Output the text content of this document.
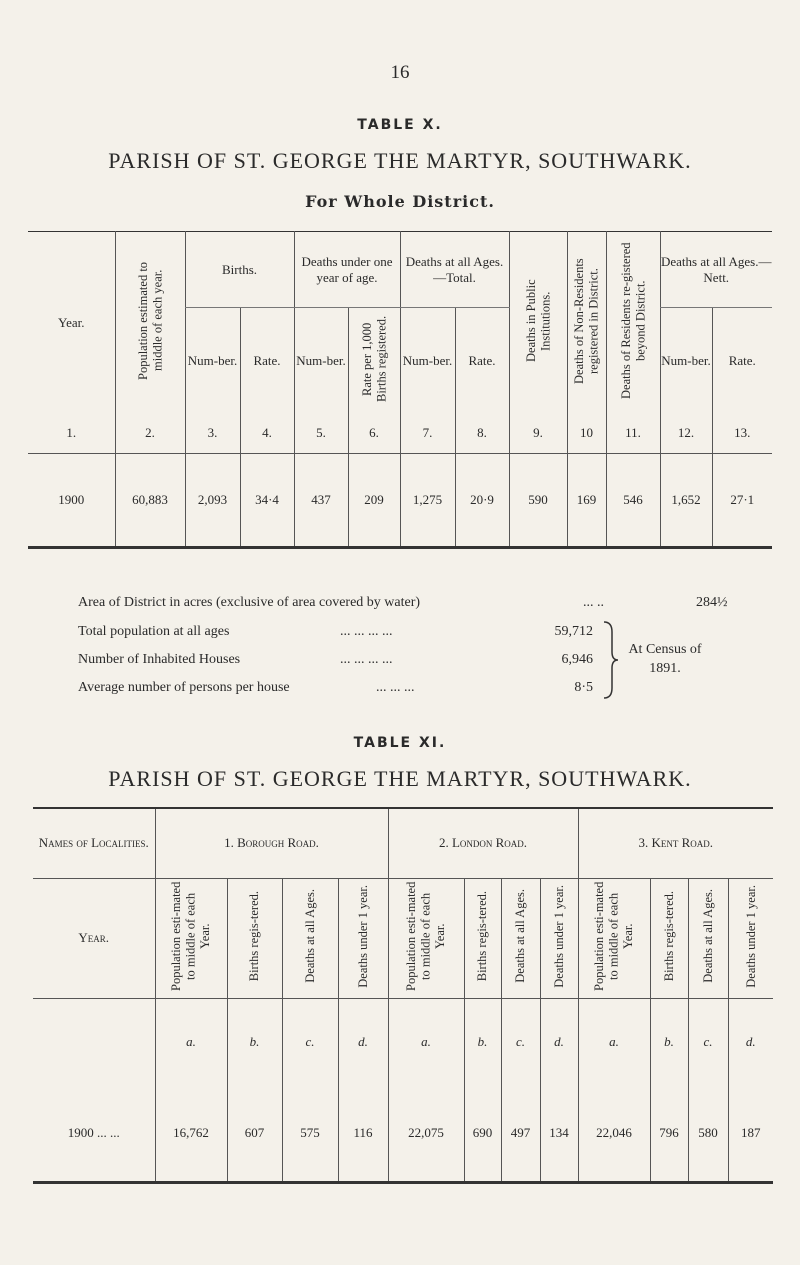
16
TABLE X.
PARISH OF ST. GEORGE THE MARTYR, SOUTHWARK.
For Whole District.
Year.	Population estimated to middle of each year.	Births.		Deaths under one year of age.		Deaths at all Ages.—Total.		Deaths in Public Institutions.	Deaths of Non-Residents registered in District.	Deaths of Residents re-gistered beyond District.	Deaths at all Ages.—Nett.	
		Num-ber.	Rate.	Num-ber.	Rate per 1,000 Births registered.	Num-ber.	Rate.				Num-ber.	Rate.
1.	2.	3.	4.	5.	6.	7.	8.	9.	10	11.	12.	13.
1900	60,883	2,093	34·4	437	209	1,275	20·9	590	169	546	1,652	27·1
Area of District in acres (exclusive of area covered by water)	... ..	284½
Total population at all ages	... ... ... ...	59,712
Number of Inhabited Houses	... ... ... ...	6,946
Average number of persons per house	... ... ...	8·5
At Census of 1891.
TABLE XI.
PARISH OF ST. GEORGE THE MARTYR, SOUTHWARK.
Names of Localities.	1. Borough Road.				2. London Road.				3. Kent Road.			
Year.	Population esti-mated to middle of each Year.	Births regis-tered.	Deaths at all Ages.	Deaths under 1 year.	Population esti-mated to middle of each Year.	Births regis-tered.	Deaths at all Ages.	Deaths under 1 year.	Population esti-mated to middle of each Year.	Births regis-tered.	Deaths at all Ages.	Deaths under 1 year.
	a.	b.	c.	d.	a.	b.	c.	d.	a.	b.	c.	d.
1900 ... ...	16,762	607	575	116	22,075	690	497	134	22,046	796	580	187
